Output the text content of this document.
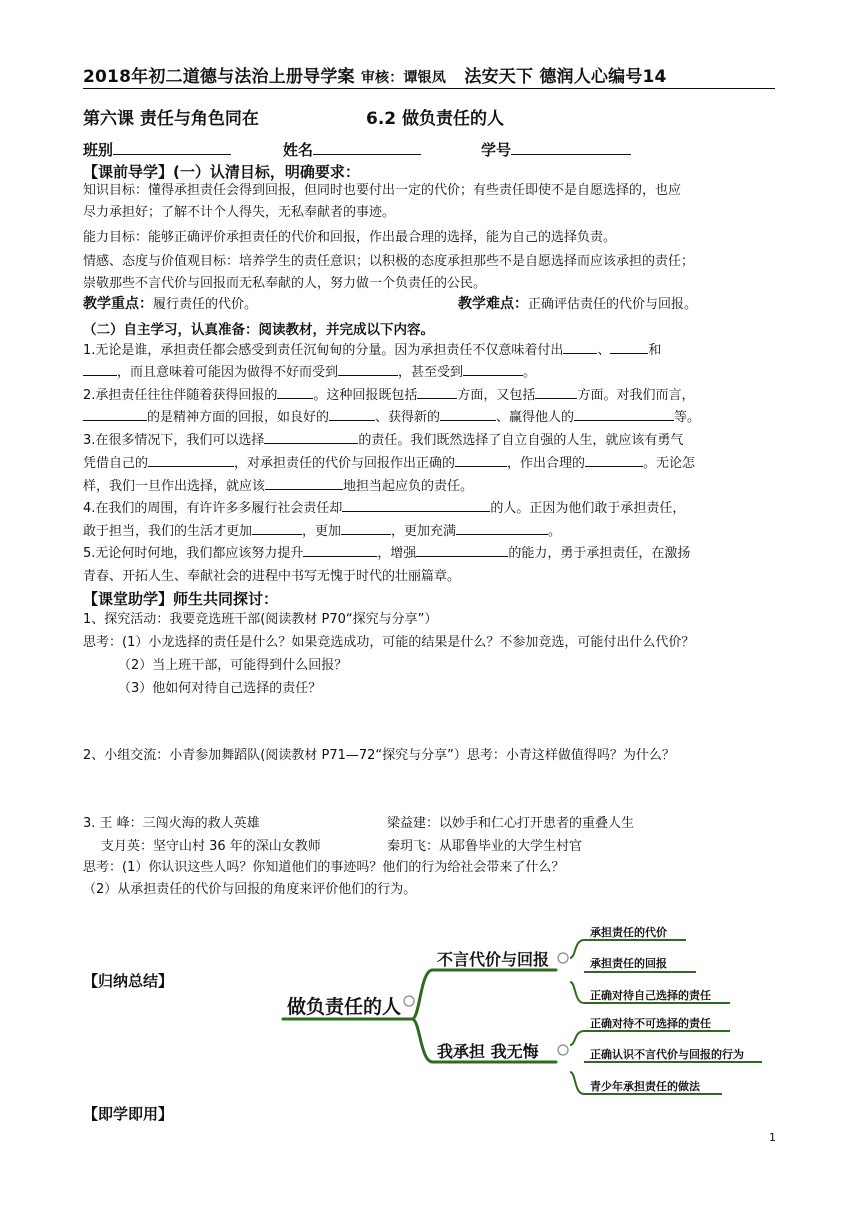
2018年初二道德与法治上册导学案 审核：谭银凤 法安天下 德润人心编号14
第六课 责任与角色同在	6.2 做负责任的人
班别	姓名	学号
【课前导学】(一）认清目标，明确要求：
知识目标：懂得承担责任会得到回报，但同时也要付出一定的代价；有些责任即使不是自愿选择的，也应
尽力承担好；了解不计个人得失，无私奉献者的事迹。
能力目标：能够正确评价承担责任的代价和回报，作出最合理的选择，能为自己的选择负责。
情感、态度与价值观目标：培养学生的责任意识；以积极的态度承担那些不是自愿选择而应该承担的责任；
崇敬那些不言代价与回报而无私奉献的人，努力做一个负责任的公民。
教学重点：履行责任的代价。	教学难点：正确评估责任的代价与回报。
（二）自主学习，认真准备：阅读教材，并完成以下内容。
1.无论是谁，承担责任都会感受到责任沉甸甸的分量。因为承担责任不仅意味着付出	、	和
，而且意味着可能因为做得不好而受到	，甚至受到	。
2.承担责任往往伴随着获得回报的	。这种回报既包括	方面，又包括	方面。对我们而言，
的是精神方面的回报，如良好的	、获得新的	、赢得他人的	等。
3.在很多情况下，我们可以选择	的责任。我们既然选择了自立自强的人生，就应该有勇气
凭借自己的	，对承担责任的代价与回报作出正确的	，作出合理的	。无论怎
样，我们一旦作出选择，就应该	地担当起应负的责任。
4.在我们的周围，有许许多多履行社会责任却	的人。正因为他们敢于承担责任，
敢于担当，我们的生活才更加	，更加	，更加充满	。
5.无论何时何地，我们都应该努力提升	，增强	的能力，勇于承担责任，在激扬
青春、开拓人生、奉献社会的进程中书写无愧于时代的壮丽篇章。
【课堂助学】师生共同探讨：
1、探究活动：我要竞选班干部(阅读教材 P70“探究与分享”）
思考：(1）小龙选择的责任是什么？如果竞选成功，可能的结果是什么？不参加竞选，可能付出什么代价？
（2）当上班干部，可能得到什么回报？
（3）他如何对待自己选择的责任？
2、小组交流：小青参加舞蹈队(阅读教材 P71—72“探究与分享”）思考：小青这样做值得吗？为什么？
3. 王 峰：三闯火海的救人英雄	梁益建：以妙手和仁心打开患者的重叠人生
支月英：坚守山村 36 年的深山女教师	秦玥飞：从耶鲁毕业的大学生村官
思考：(1）你认识这些人吗？你知道他们的事迹吗？他们的行为给社会带来了什么？
（2）从承担责任的代价与回报的角度来评价他们的行为。
【归纳总结】
做负责任的人
不言代价与回报
我承担 我无悔
承担责任的代价
承担责任的回报
正确对待自己选择的责任
正确对待不可选择的责任
正确认识不言代价与回报的行为
青少年承担责任的做法
【即学即用】
1
